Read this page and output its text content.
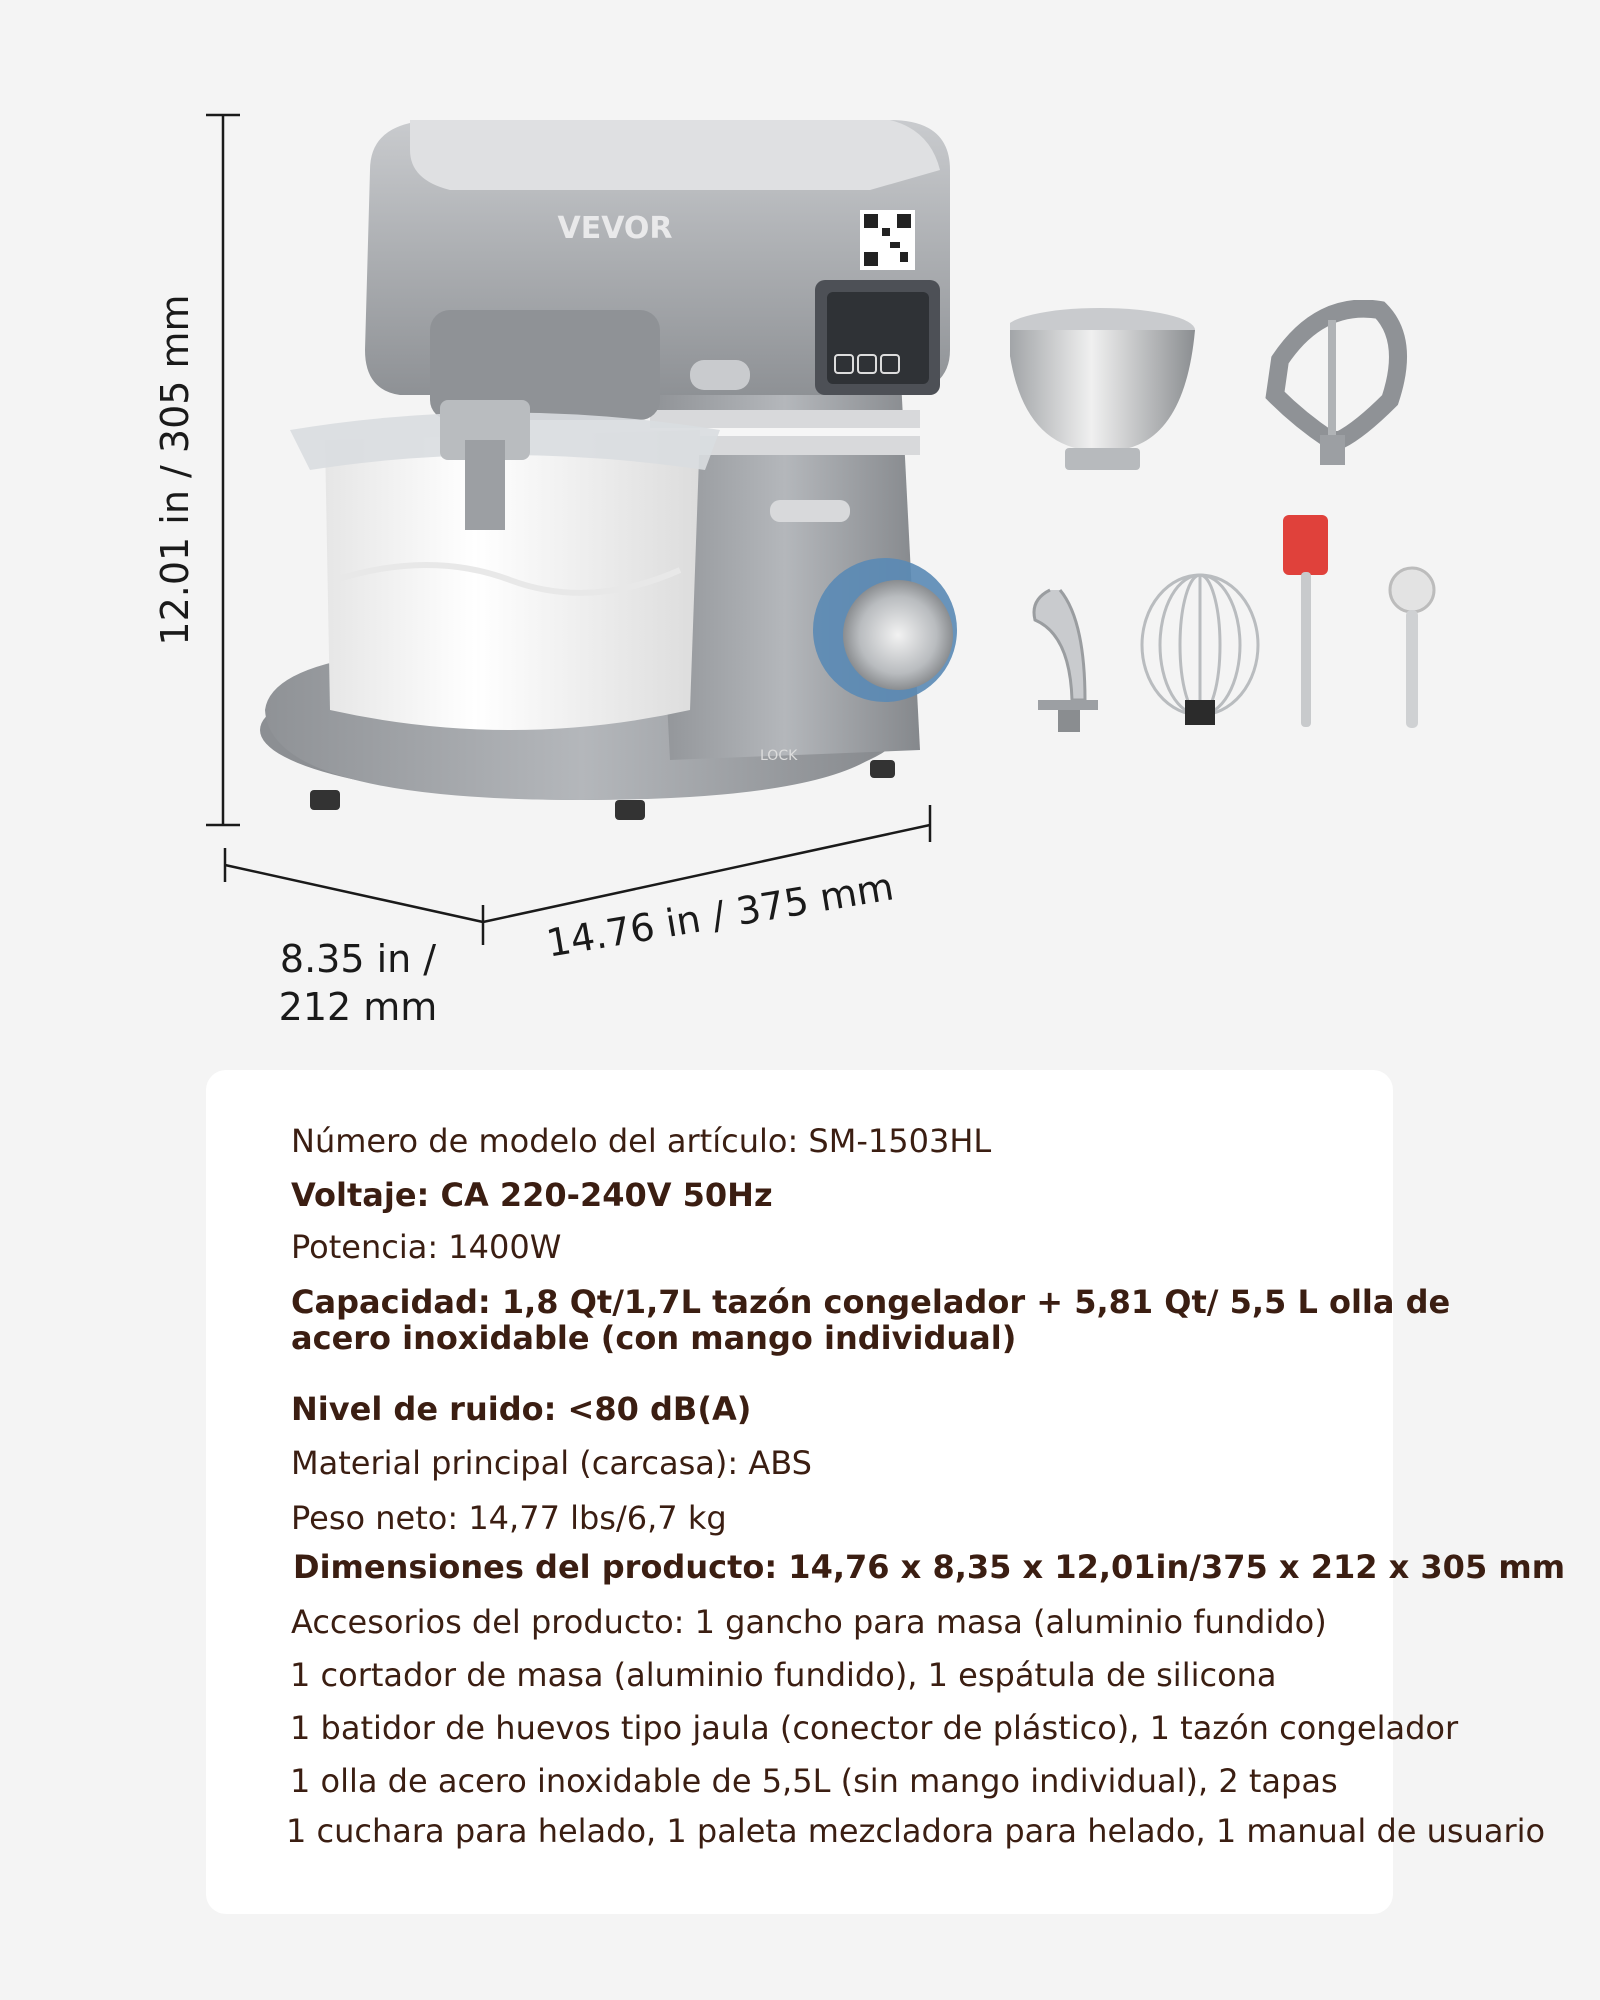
12.01 in / 305 mm
8.35 in /
212 mm
14.76 in / 375 mm
VEVOR
LOCK
Número de modelo del artículo: SM-1503HL
Voltaje: CA 220-240V 50Hz
Potencia: 1400W
Capacidad: 1,8 Qt/1,7L tazón congelador + 5,81 Qt/ 5,5 L olla de acero inoxidable (con mango individual)
Nivel de ruido: <80 dB(A)
Material principal (carcasa): ABS
Peso neto: 14,77 lbs/6,7 kg
Dimensiones del producto: 14,76 x 8,35 x 12,01in/375 x 212 x 305 mm
Accesorios del producto: 1 gancho para masa (aluminio fundido)
1 cortador de masa (aluminio fundido), 1 espátula de silicona
1 batidor de huevos tipo jaula (conector de plástico), 1 tazón congelador
1 olla de acero inoxidable de 5,5L (sin mango individual), 2 tapas
1 cuchara para helado, 1 paleta mezcladora para helado, 1 manual de usuario
